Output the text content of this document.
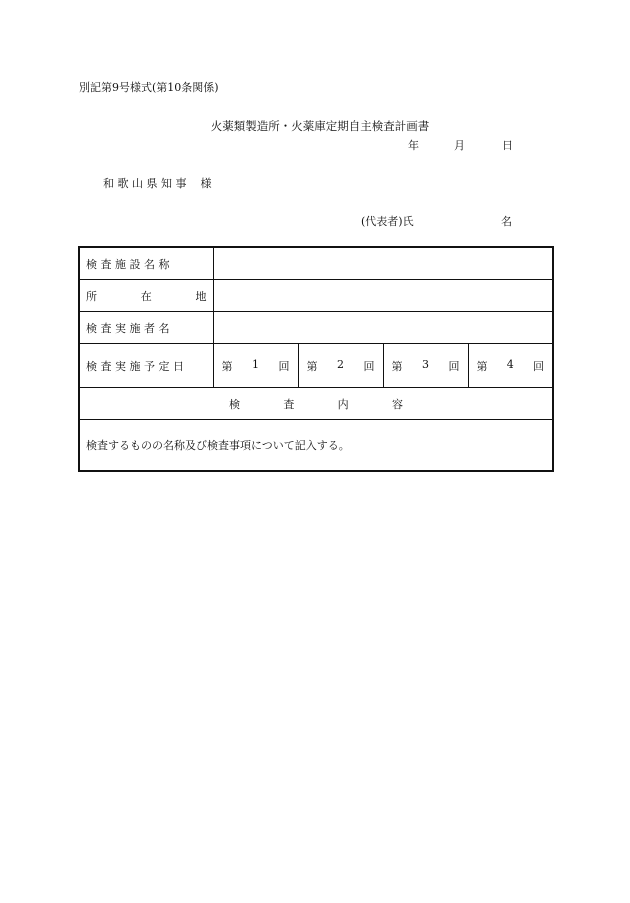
別記第9号様式(第10条関係)
火薬類製造所・火薬庫定期自主検査計画書
年	月	日
和 歌 山 県 知 事 様
(代表者)氏	名
検 査 施 設 名 称				

所 在 地				

検 査 実 施 者 名				
検 査 実 施 予 定 日	第 1 回	第 2 回	第 3 回	第 4 回

検 査 内 容				

検査するものの名称及び検査事項について記入する。				
